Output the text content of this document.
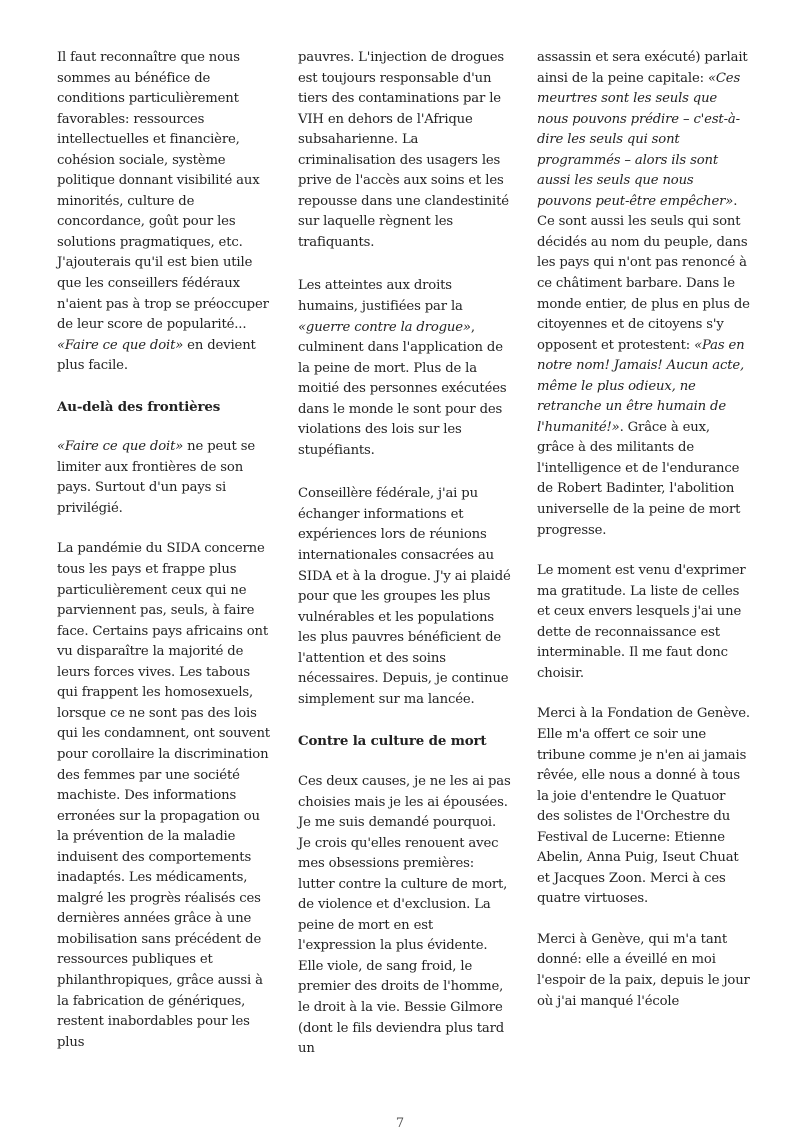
Il faut reconnaître que nous sommes au bénéfice de conditions particulièrement favorables: ressources intellectuelles et financière, cohésion sociale, système politique donnant visibilité aux minorités, culture de concordance, goût pour les solutions pragmatiques, etc. J'ajouterais qu'il est bien utile que les conseillers fédéraux n'aient pas à trop se préoccuper de leur score de popularité... «Faire ce que doit» en devient plus facile.

Au-delà des frontières

«Faire ce que doit» ne peut se limiter aux frontières de son pays. Surtout d'un pays si privilégié.

La pandémie du SIDA concerne tous les pays et frappe plus particulièrement ceux qui ne parviennent pas, seuls, à faire face. Certains pays africains ont vu disparaître la majorité de leurs forces vives. Les tabous qui frappent les homosexuels, lorsque ce ne sont pas des lois qui les condamnent, ont souvent pour corollaire la discrimination des femmes par une société machiste. Des informations erronées sur la propagation ou la prévention de la maladie induisent des comportements inadaptés. Les médicaments, malgré les progrès réalisés ces dernières années grâce à une mobilisation sans précédent de ressources publiques et philanthropiques, grâce aussi à la fabrication de génériques, restent inabordables pour les plus

pauvres. L'injection de drogues est toujours responsable d'un tiers des contaminations par le VIH en dehors de l'Afrique subsaharienne. La criminalisation des usagers les prive de l'accès aux soins et les repousse dans une clandestinité sur laquelle règnent les trafiquants.

Les atteintes aux droits humains, justifiées par la «guerre contre la drogue», culminent dans l'application de la peine de mort. Plus de la moitié des personnes exécutées dans le monde le sont pour des violations des lois sur les stupéfiants.

Conseillère fédérale, j'ai pu échanger informations et expériences lors de réunions internationales consacrées au SIDA et à la drogue. J'y ai plaidé pour que les groupes les plus vulnérables et les populations les plus pauvres bénéficient de l'attention et des soins nécessaires. Depuis, je continue simplement sur ma lancée.

Contre la culture de mort

Ces deux causes, je ne les ai pas choisies mais je les ai épousées. Je me suis demandé pourquoi. Je crois qu'elles renouent avec mes obsessions premières: lutter contre la culture de mort, de violence et d'exclusion. La peine de mort en est l'expression la plus évidente. Elle viole, de sang froid, le premier des droits de l'homme, le droit à la vie. Bessie Gilmore (dont le fils deviendra plus tard un

assassin et sera exécuté) parlait ainsi de la peine capitale: «Ces meurtres sont les seuls que nous pouvons prédire – c'est-à-dire les seuls qui sont programmés – alors ils sont aussi les seuls que nous pouvons peut-être empêcher». Ce sont aussi les seuls qui sont décidés au nom du peuple, dans les pays qui n'ont pas renoncé à ce châtiment barbare. Dans le monde entier, de plus en plus de citoyennes et de citoyens s'y opposent et protestent: «Pas en notre nom! Jamais! Aucun acte, même le plus odieux, ne retranche un être humain de l'humanité!». Grâce à eux, grâce à des militants de l'intelligence et de l'endurance de Robert Badinter, l'abolition universelle de la peine de mort progresse.

Le moment est venu d'exprimer ma gratitude. La liste de celles et ceux envers lesquels j'ai une dette de reconnaissance est interminable. Il me faut donc choisir.

Merci à la Fondation de Genève. Elle m'a offert ce soir une tribune comme je n'en ai jamais rêvée, elle nous a donné à tous la joie d'entendre le Quatuor des solistes de l'Orchestre du Festival de Lucerne: Etienne Abelin, Anna Puig, Iseut Chuat et Jacques Zoon. Merci à ces quatre virtuoses.

Merci à Genève, qui m'a tant donné: elle a éveillé en moi l'espoir de la paix, depuis le jour où j'ai manqué l'école

7
